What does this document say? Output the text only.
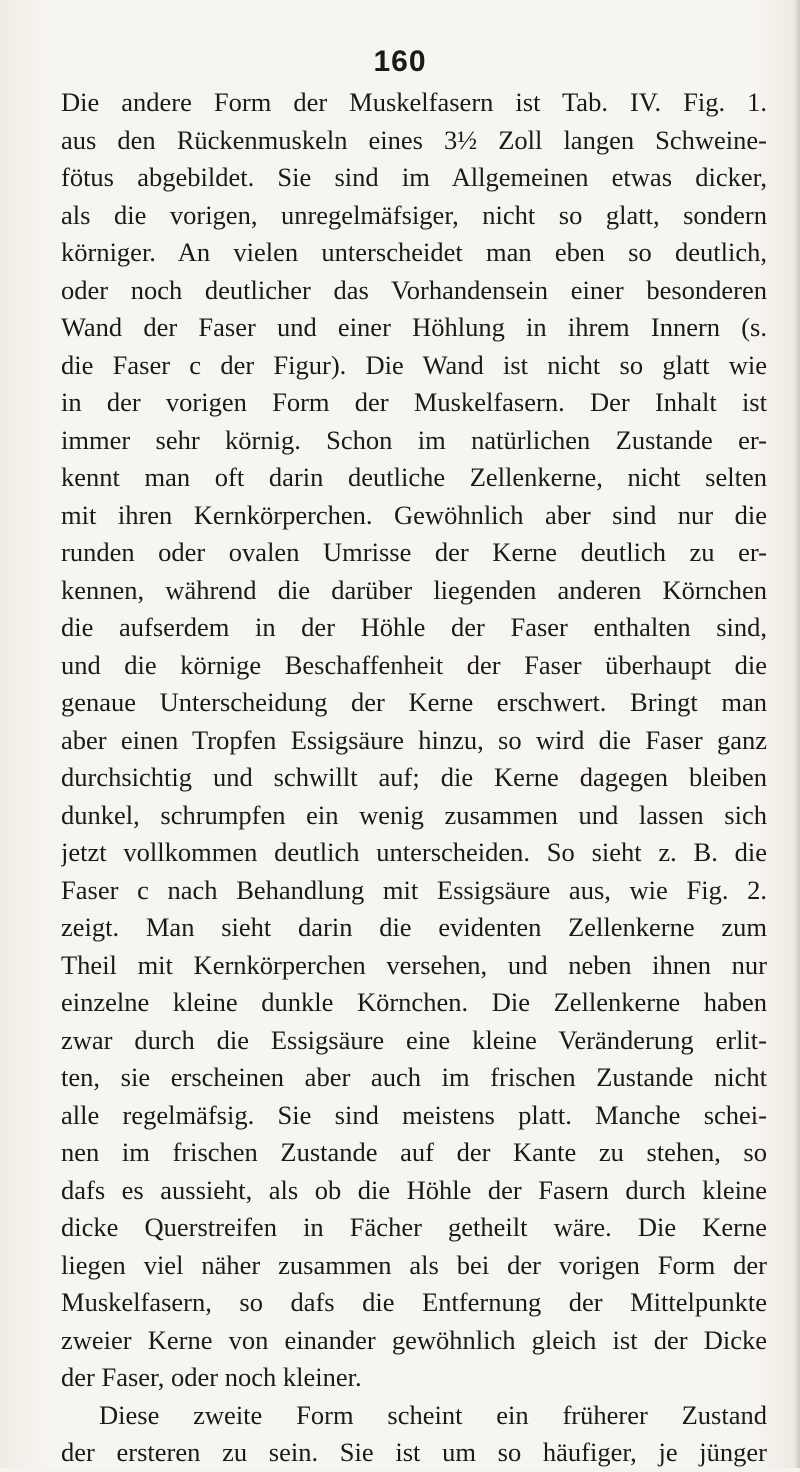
160
Die andere Form der Muskelfasern ist Tab. IV. Fig. 1.
aus den Rückenmuskeln eines 3½ Zoll langen Schweine-
fötus abgebildet. Sie sind im Allgemeinen etwas dicker,
als die vorigen, unregelmäfsiger, nicht so glatt, sondern
körniger. An vielen unterscheidet man eben so deutlich,
oder noch deutlicher das Vorhandensein einer besonderen
Wand der Faser und einer Höhlung in ihrem Innern (s.
die Faser c der Figur). Die Wand ist nicht so glatt wie
in der vorigen Form der Muskelfasern. Der Inhalt ist
immer sehr körnig. Schon im natürlichen Zustande er-
kennt man oft darin deutliche Zellenkerne, nicht selten
mit ihren Kernkörperchen. Gewöhnlich aber sind nur die
runden oder ovalen Umrisse der Kerne deutlich zu er-
kennen, während die darüber liegenden anderen Körnchen
die aufserdem in der Höhle der Faser enthalten sind,
und die körnige Beschaffenheit der Faser überhaupt die
genaue Unterscheidung der Kerne erschwert. Bringt man
aber einen Tropfen Essigsäure hinzu, so wird die Faser ganz
durchsichtig und schwillt auf; die Kerne dagegen bleiben
dunkel, schrumpfen ein wenig zusammen und lassen sich
jetzt vollkommen deutlich unterscheiden. So sieht z. B. die
Faser c nach Behandlung mit Essigsäure aus, wie Fig. 2.
zeigt. Man sieht darin die evidenten Zellenkerne zum
Theil mit Kernkörperchen versehen, und neben ihnen nur
einzelne kleine dunkle Körnchen. Die Zellenkerne haben
zwar durch die Essigsäure eine kleine Veränderung erlit-
ten, sie erscheinen aber auch im frischen Zustande nicht
alle regelmäfsig. Sie sind meistens platt. Manche schei-
nen im frischen Zustande auf der Kante zu stehen, so
dafs es aussieht, als ob die Höhle der Fasern durch kleine
dicke Querstreifen in Fächer getheilt wäre. Die Kerne
liegen viel näher zusammen als bei der vorigen Form der
Muskelfasern, so dafs die Entfernung der Mittelpunkte
zweier Kerne von einander gewöhnlich gleich ist der Dicke
der Faser, oder noch kleiner.
Diese zweite Form scheint ein früherer Zustand
der ersteren zu sein. Sie ist um so häufiger, je jünger
